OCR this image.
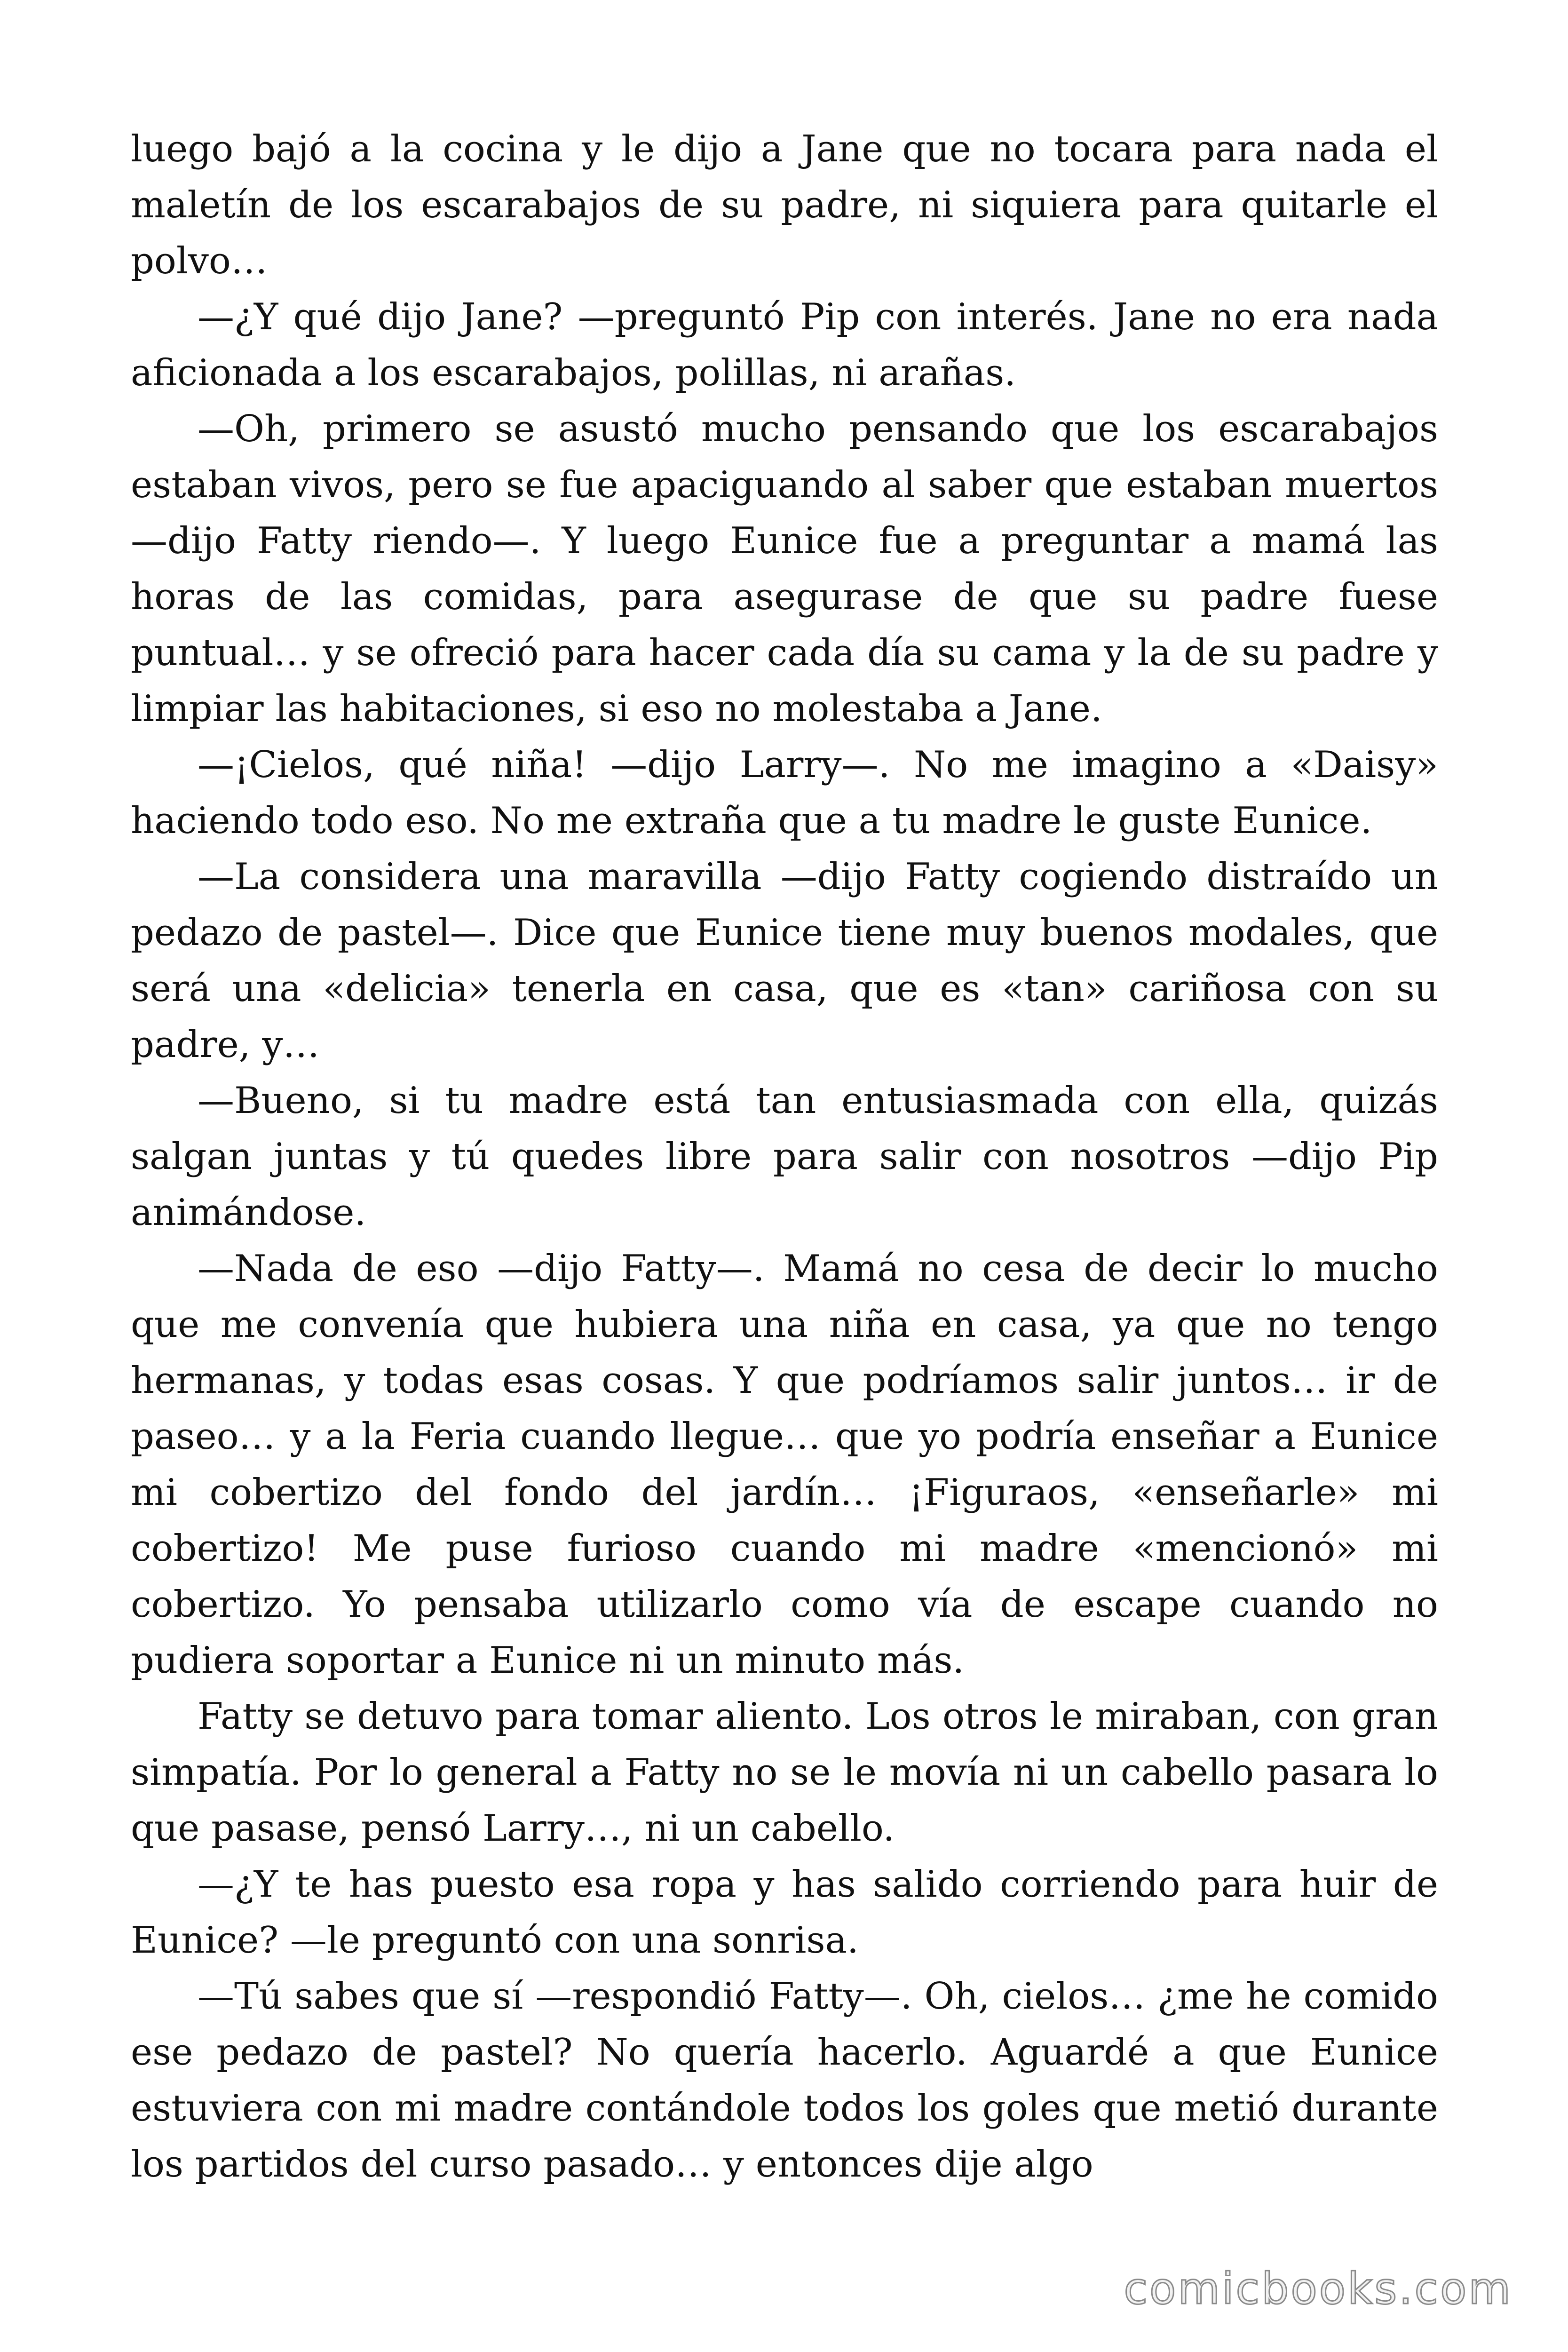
luego bajó a la cocina y le dijo a Jane que no tocara para nada el maletín de los escarabajos de su padre, ni siquiera para quitarle el polvo…

—¿Y qué dijo Jane? —preguntó Pip con interés. Jane no era nada aficionada a los escarabajos, polillas, ni arañas.

—Oh, primero se asustó mucho pensando que los escarabajos estaban vivos, pero se fue apaciguando al saber que estaban muertos —dijo Fatty riendo—. Y luego Eunice fue a preguntar a mamá las horas de las comidas, para asegurase de que su padre fuese puntual… y se ofreció para hacer cada día su cama y la de su padre y limpiar las habitaciones, si eso no molestaba a Jane.

—¡Cielos, qué niña! —dijo Larry—. No me imagino a «Daisy» haciendo todo eso. No me extraña que a tu madre le guste Eunice.

—La considera una maravilla —dijo Fatty cogiendo distraído un pedazo de pastel—. Dice que Eunice tiene muy buenos modales, que será una «delicia» tenerla en casa, que es «tan» cariñosa con su padre, y…

—Bueno, si tu madre está tan entusiasmada con ella, quizás salgan juntas y tú quedes libre para salir con nosotros —dijo Pip animándose.

—Nada de eso —dijo Fatty—. Mamá no cesa de decir lo mucho que me convenía que hubiera una niña en casa, ya que no tengo hermanas, y todas esas cosas. Y que podríamos salir juntos… ir de paseo… y a la Feria cuando llegue… que yo podría enseñar a Eunice mi cobertizo del fondo del jardín… ¡Figuraos, «enseñarle» mi cobertizo! Me puse furioso cuando mi madre «mencionó» mi cobertizo. Yo pensaba utilizarlo como vía de escape cuando no pudiera soportar a Eunice ni un minuto más.

Fatty se detuvo para tomar aliento. Los otros le miraban, con gran simpatía. Por lo general a Fatty no se le movía ni un cabello pasara lo que pasase, pensó Larry…, ni un cabello.

—¿Y te has puesto esa ropa y has salido corriendo para huir de Eunice? —le preguntó con una sonrisa.

—Tú sabes que sí —respondió Fatty—. Oh, cielos… ¿me he comido ese pedazo de pastel? No quería hacerlo. Aguardé a que Eunice estuviera con mi madre contándole todos los goles que metió durante los partidos del curso pasado… y entonces dije algo

comicbooks.com
